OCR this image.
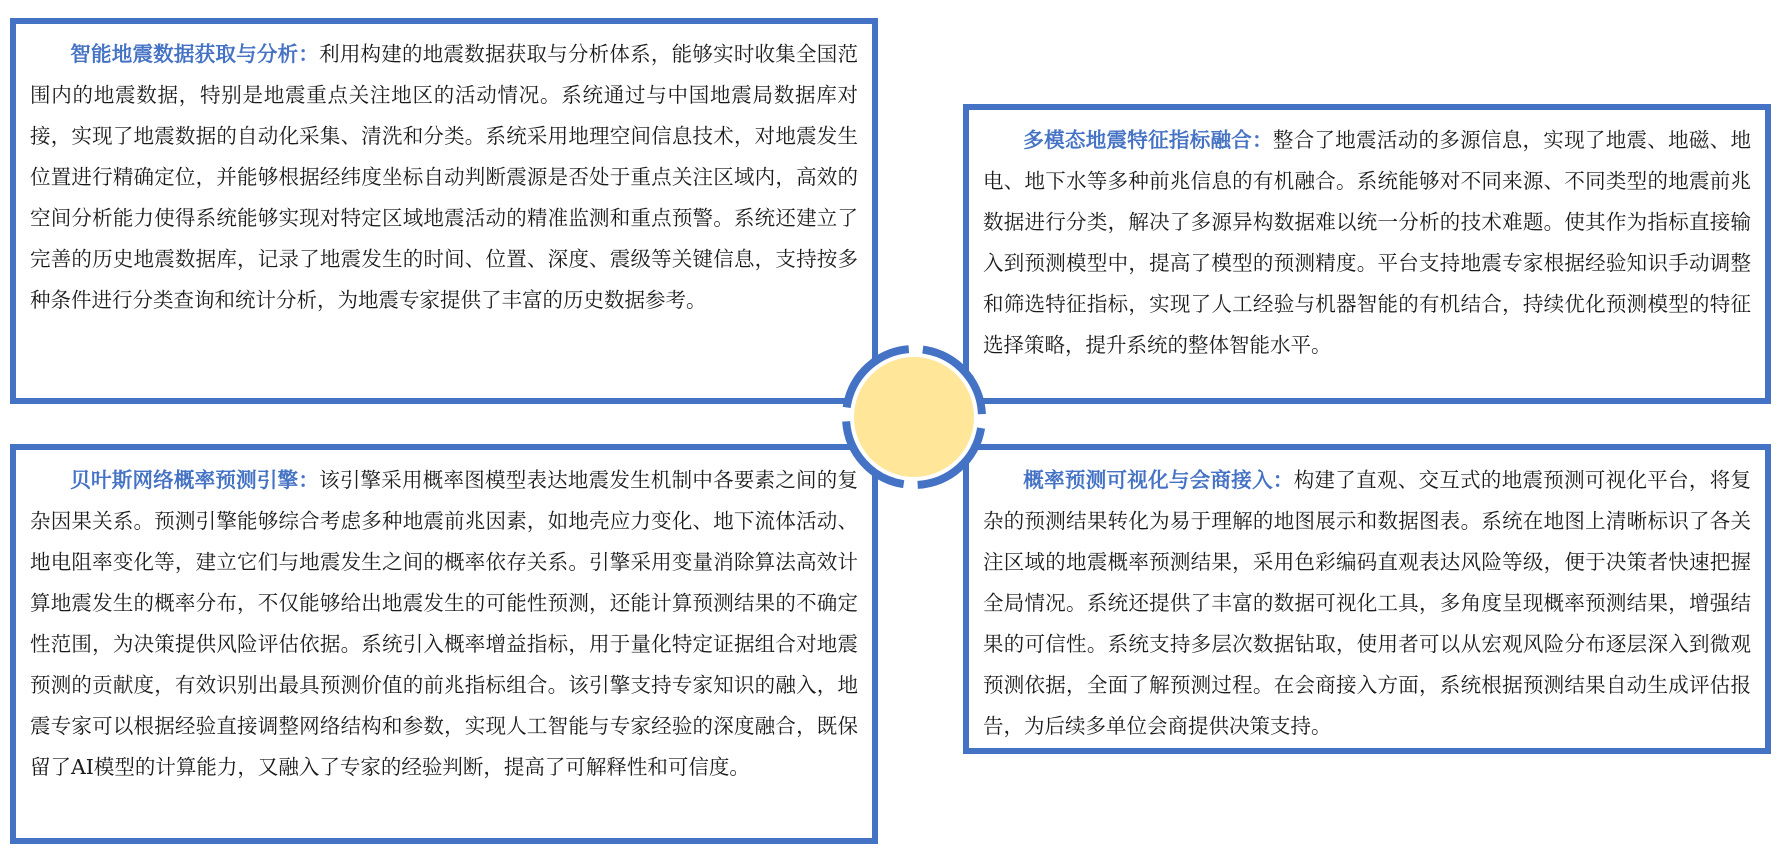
智能地震数据获取与分析：利用构建的地震数据获取与分析体系，能够实时收集全国范围内的地震数据，特别是地震重点关注地区的活动情况。系统通过与中国地震局数据库对接，实现了地震数据的自动化采集、清洗和分类。系统采用地理空间信息技术，对地震发生位置进行精确定位，并能够根据经纬度坐标自动判断震源是否处于重点关注区域内，高效的空间分析能力使得系统能够实现对特定区域地震活动的精准监测和重点预警。系统还建立了完善的历史地震数据库，记录了地震发生的时间、位置、深度、震级等关键信息，支持按多种条件进行分类查询和统计分析，为地震专家提供了丰富的历史数据参考。
多模态地震特征指标融合：整合了地震活动的多源信息，实现了地震、地磁、地电、地下水等多种前兆信息的有机融合。系统能够对不同来源、不同类型的地震前兆数据进行分类，解决了多源异构数据难以统一分析的技术难题。使其作为指标直接输入到预测模型中，提高了模型的预测精度。平台支持地震专家根据经验知识手动调整和筛选特征指标，实现了人工经验与机器智能的有机结合，持续优化预测模型的特征选择策略，提升系统的整体智能水平。
贝叶斯网络概率预测引擎：该引擎采用概率图模型表达地震发生机制中各要素之间的复杂因果关系。预测引擎能够综合考虑多种地震前兆因素，如地壳应力变化、地下流体活动、地电阻率变化等，建立它们与地震发生之间的概率依存关系。引擎采用变量消除算法高效计算地震发生的概率分布，不仅能够给出地震发生的可能性预测，还能计算预测结果的不确定性范围，为决策提供风险评估依据。系统引入概率增益指标，用于量化特定证据组合对地震预测的贡献度，有效识别出最具预测价值的前兆指标组合。该引擎支持专家知识的融入，地震专家可以根据经验直接调整网络结构和参数，实现人工智能与专家经验的深度融合，既保留了AI模型的计算能力，又融入了专家的经验判断，提高了可解释性和可信度。
概率预测可视化与会商接入：构建了直观、交互式的地震预测可视化平台，将复杂的预测结果转化为易于理解的地图展示和数据图表。系统在地图上清晰标识了各关注区域的地震概率预测结果，采用色彩编码直观表达风险等级，便于决策者快速把握全局情况。系统还提供了丰富的数据可视化工具，多角度呈现概率预测结果，增强结果的可信性。系统支持多层次数据钻取，使用者可以从宏观风险分布逐层深入到微观预测依据，全面了解预测过程。在会商接入方面，系统根据预测结果自动生成评估报告，为后续多单位会商提供决策支持。
